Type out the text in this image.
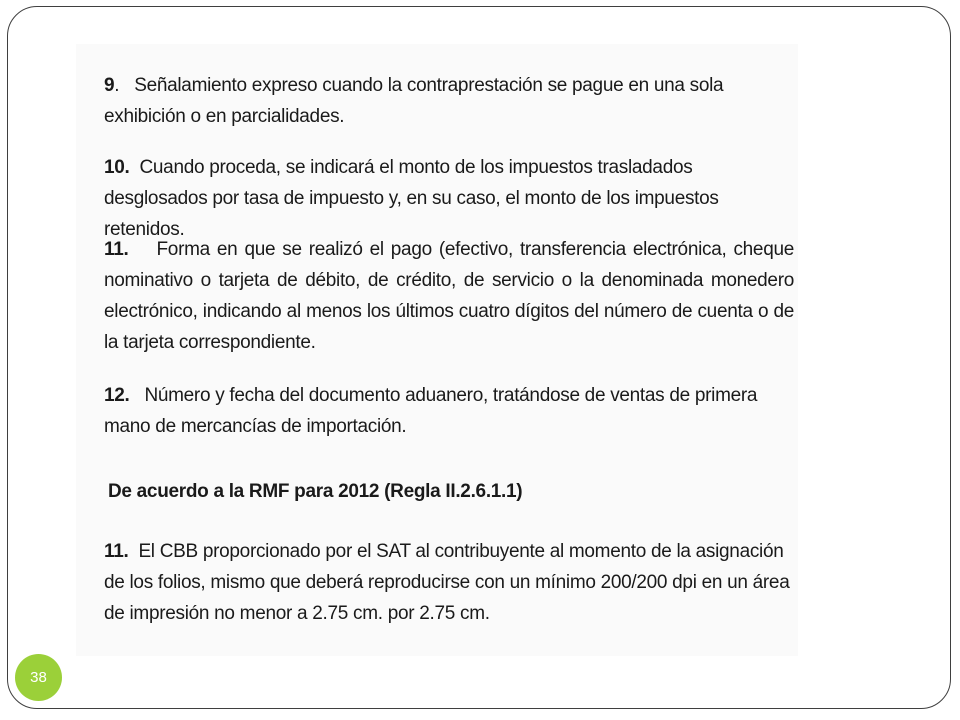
9. Señalamiento expreso cuando la contraprestación se pague en una sola exhibición o en parcialidades.

10. Cuando proceda, se indicará el monto de los impuestos trasladados desglosados por tasa de impuesto y, en su caso, el monto de los impuestos retenidos.

11. Forma en que se realizó el pago (efectivo, transferencia electrónica, cheque nominativo o tarjeta de débito, de crédito, de servicio o la denominada monedero electrónico, indicando al menos los últimos cuatro dígitos del número de cuenta o de la tarjeta correspondiente.

12. Número y fecha del documento aduanero, tratándose de ventas de primera mano de mercancías de importación.

De acuerdo a la RMF para 2012 (Regla II.2.6.1.1)

11. El CBB proporcionado por el SAT al contribuyente al momento de la asignación de los folios, mismo que deberá reproducirse con un mínimo 200/200 dpi en un área de impresión no menor a 2.75 cm. por 2.75 cm.

38
